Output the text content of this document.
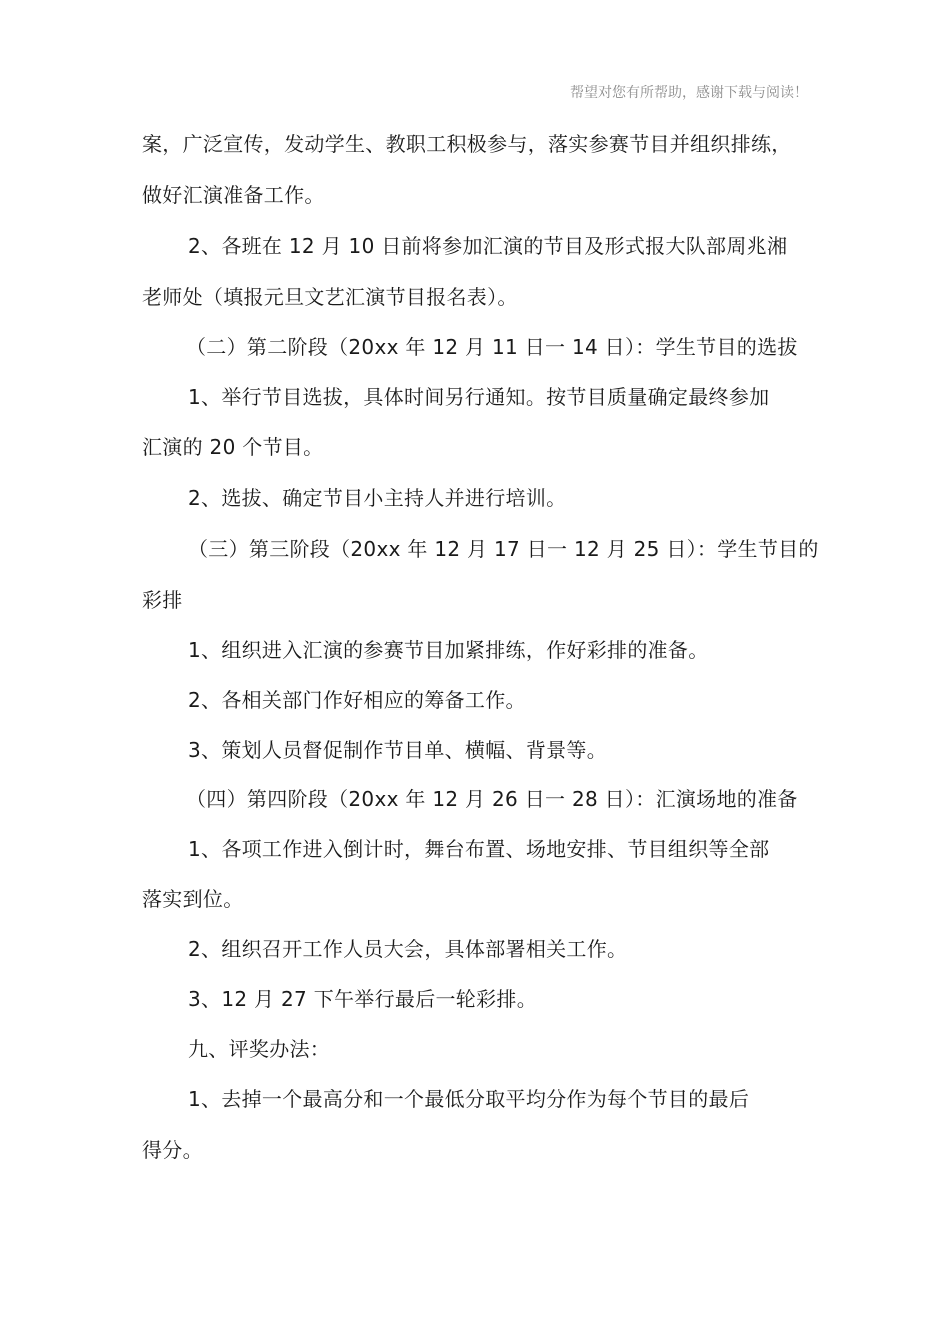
帮望对您有所帮助，感谢下载与阅读！
案，广泛宣传，发动学生、教职工积极参与，落实参赛节目并组织排练，
做好汇演准备工作。
2、各班在 12 月 10 日前将参加汇演的节目及形式报大队部周兆湘
老师处（填报元旦文艺汇演节目报名表）。
（二）第二阶段（20xx 年 12 月 11 日一 14 日）：学生节目的选拔
1、举行节目选拔，具体时间另行通知。按节目质量确定最终参加
汇演的 20 个节目。
2、选拔、确定节目小主持人并进行培训。
（三）第三阶段（20xx 年 12 月 17 日一 12 月 25 日）：学生节目的
彩排
1、组织进入汇演的参赛节目加紧排练，作好彩排的准备。
2、各相关部门作好相应的筹备工作。
3、策划人员督促制作节目单、横幅、背景等。
（四）第四阶段（20xx 年 12 月 26 日一 28 日）：汇演场地的准备
1、各项工作进入倒计时，舞台布置、场地安排、节目组织等全部
落实到位。
2、组织召开工作人员大会，具体部署相关工作。
3、12 月 27 下午举行最后一轮彩排。
九、评奖办法：
1、去掉一个最高分和一个最低分取平均分作为每个节目的最后
得分。
